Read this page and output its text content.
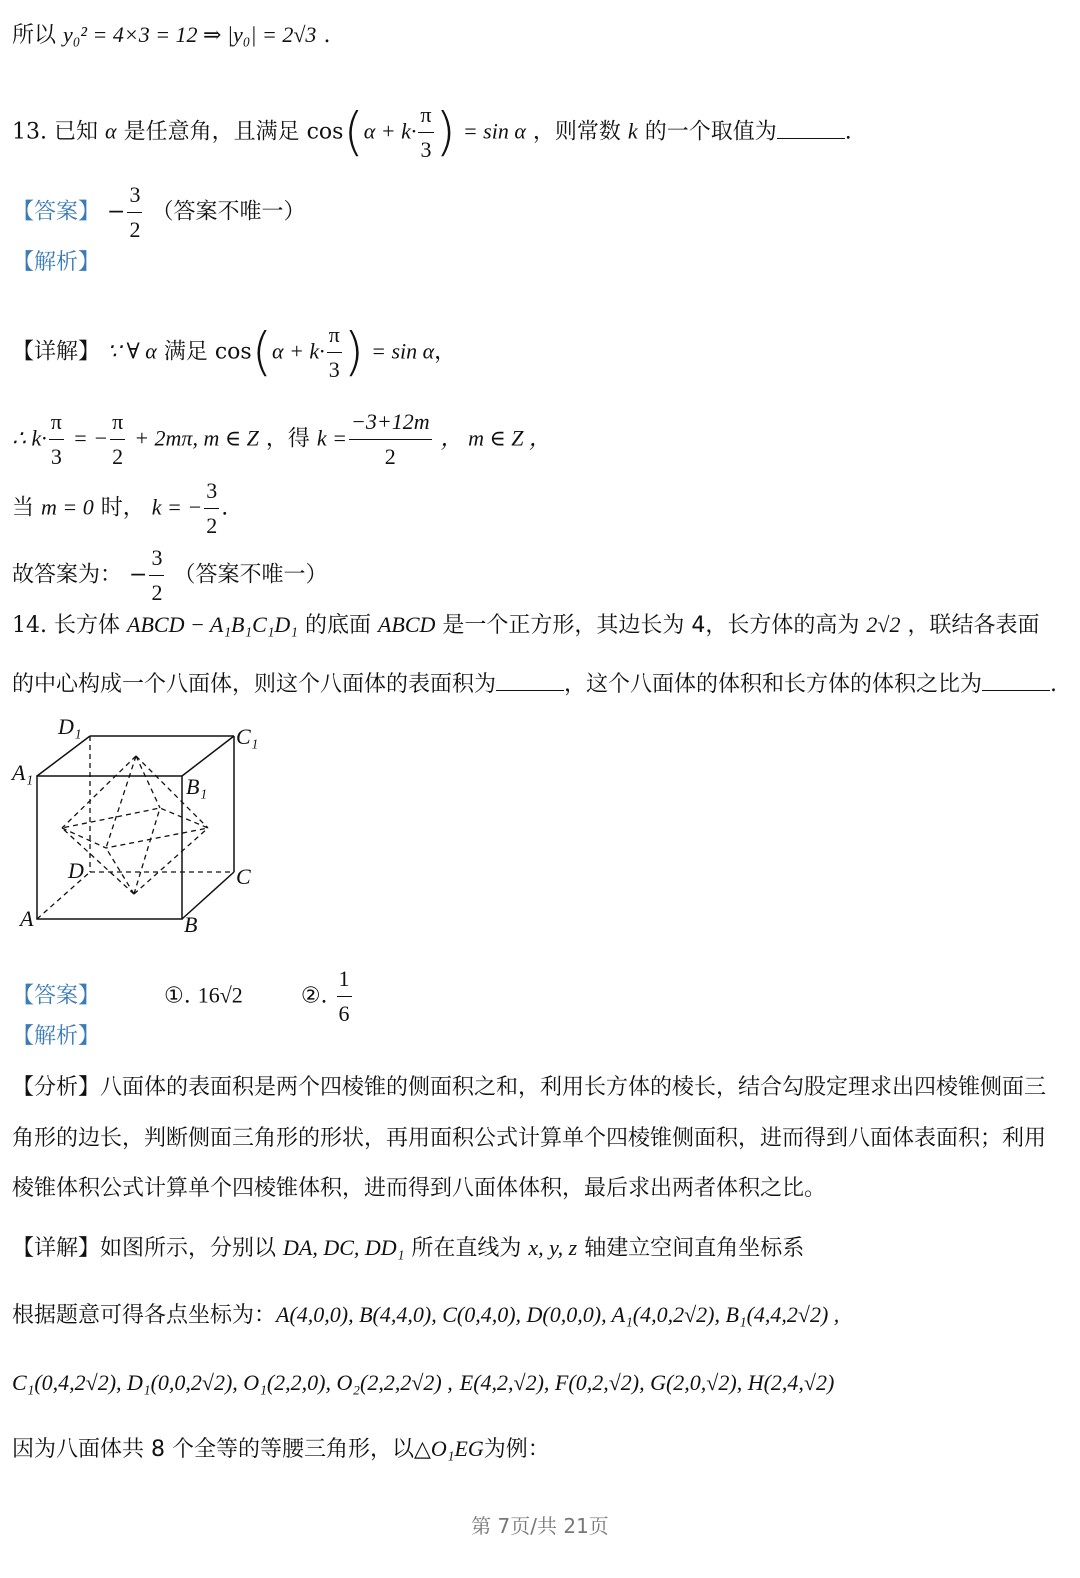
所以 y₀² = 4×3 = 12 ⇒ |y₀| = 2√3 .
13. 已知 α 是任意角，且满足 $\cos(\alpha + k\cdot \frac{\pi}{3}$ ) = sin α ，则常数 k 的一个取值为	.
【答案】 − $\frac{3}{2}$ （答案不唯一）
【解析】
【详解】 ∵ ∀ α 满足 $\cos(\alpha + k\cdot \frac{\pi}{3}$ ) = sin α，
∴ $k\cdot \frac{\pi}{3}$ = − $\frac{\pi}{2} + 2m\pi$, m ∈ Z ，得 $k = \frac{-3+12m}{2}$ ， m ∈ Z ，
当 m = 0 时， k = − $\frac{3}{2}$ .
故答案为： − $\frac{3}{2}$ （答案不唯一）
14. 长方体 ABCD − A₁B₁C₁D₁ 的底面 ABCD 是一个正方形，其边长为 4，长方体的高为 2√2 ，联结各表面
的中心构成一个八面体，则这个八面体的表面积为	，这个八面体的体积和长方体的体积之比为	.
D₁	C₁
A₁
B₁
D	C
A	B
【答案】	①. 16√2	②. $\frac{1}{6}$
【解析】
【分析】八面体的表面积是两个四棱锥的侧面积之和，利用长方体的棱长，结合勾股定理求出四棱锥侧面三
角形的边长，判断侧面三角形的形状，再用面积公式计算单个四棱锥侧面积，进而得到八面体表面积；利用
棱锥体积公式计算单个四棱锥体积，进而得到八面体体积，最后求出两者体积之比。
【详解】如图所示，分别以 DA, DC, DD₁ 所在直线为 x, y, z 轴建立空间直角坐标系
根据题意可得各点坐标为：A(4,0,0), B(4,4,0), C(0,4,0), D(0,0,0), A₁(4,0,2√2), B₁(4,4,2√2) ,
C₁(0,4,2√2), D₁(0,0,2√2), O₁(2,2,0), O₂(2,2,2√2) , E(4,2,√2), F(0,2,√2), G(2,0,√2), H(2,4,√2)
因为八面体共 8 个全等的等腰三角形，以△O₁EG为例：
第 7页/共 21页
